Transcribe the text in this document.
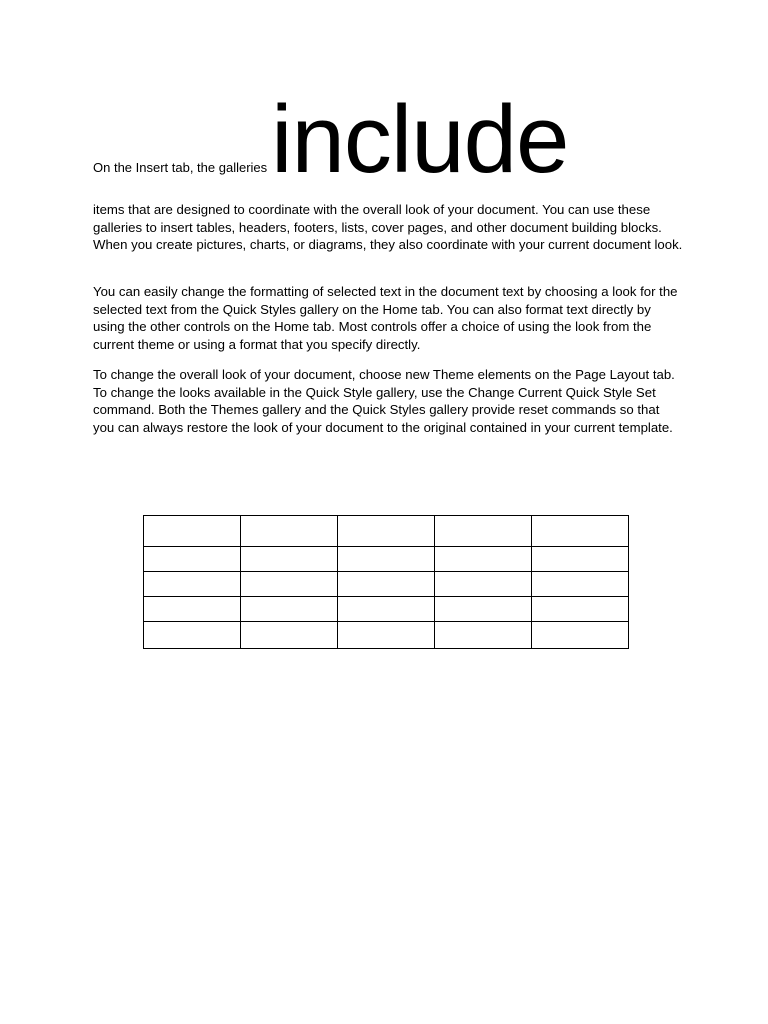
On the Insert tab, the galleriesinclude

items that are designed to coordinate with the overall look of your document. You can use these galleries to insert tables, headers, footers, lists, cover pages, and other document building blocks. When you create pictures, charts, or diagrams, they also coordinate with your current document look.

You can easily change the formatting of selected text in the document text by choosing a look for the selected text from the Quick Styles gallery on the Home tab. You can also format text directly by using the other controls on the Home tab. Most controls offer a choice of using the look from the current theme or using a format that you specify directly.

To change the overall look of your document, choose new Theme elements on the Page Layout tab. To change the looks available in the Quick Style gallery, use the Change Current Quick Style Set command. Both the Themes gallery and the Quick Styles gallery provide reset commands so that you can always restore the look of your document to the original contained in your current template.
